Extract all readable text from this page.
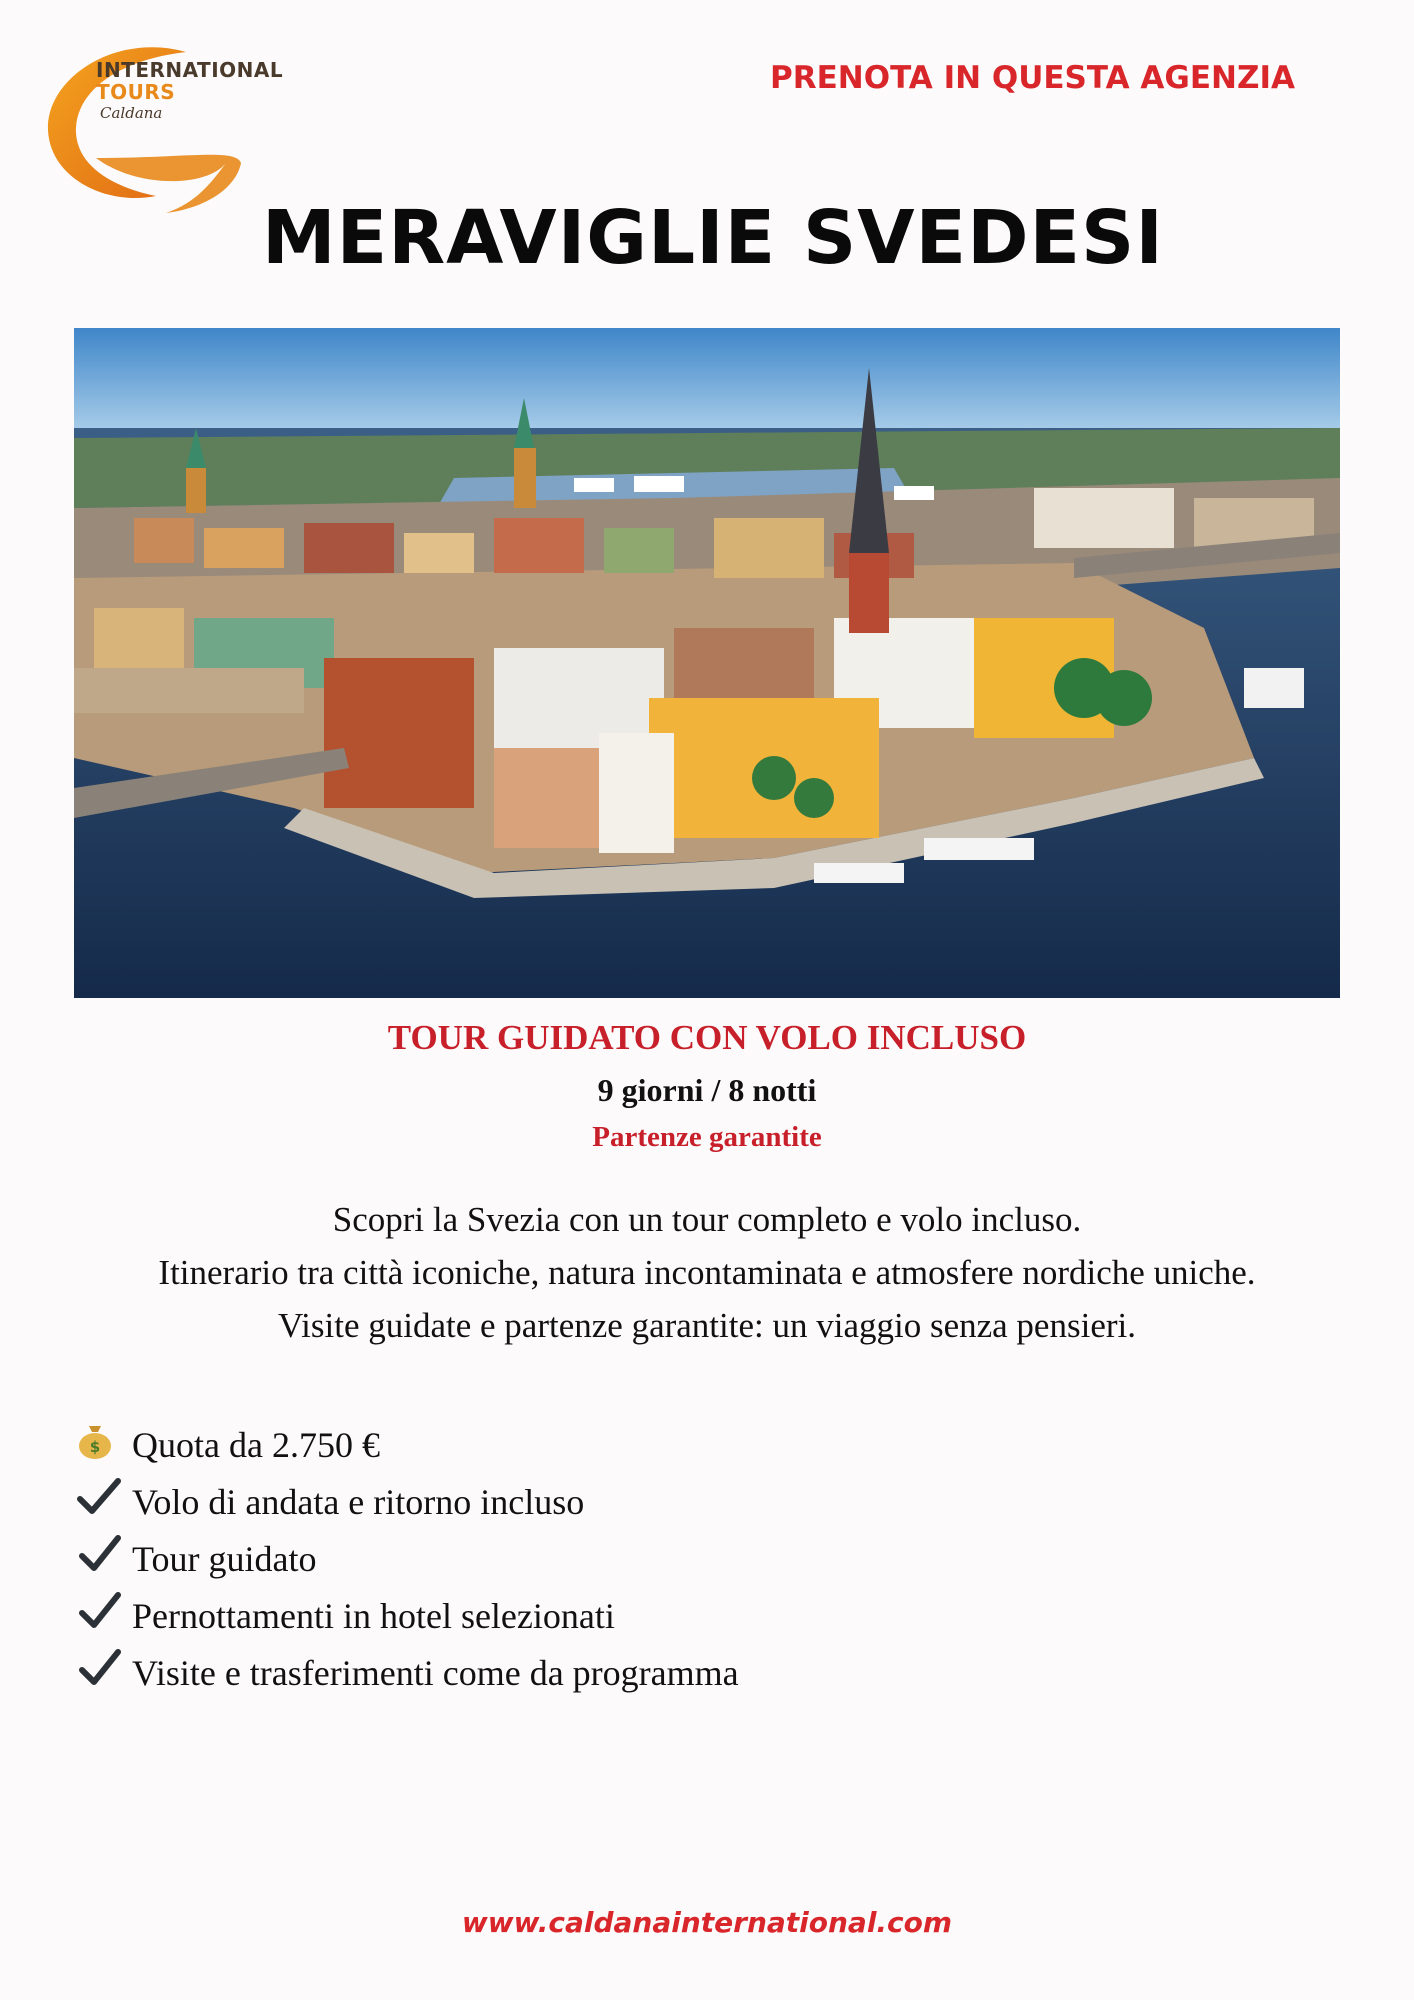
INTERNATIONAL
TOURS
Caldana
PRENOTA IN QUESTA AGENZIA
MERAVIGLIE SVEDESI
TOUR GUIDATO CON VOLO INCLUSO
9 giorni / 8 notti
Partenze garantite
Scopri la Svezia con un tour completo e volo incluso.
Itinerario tra città iconiche, natura incontaminata e atmosfere nordiche uniche.
Visite guidate e partenze garantite: un viaggio senza pensieri.
$ Quota da 2.750 €
Volo di andata e ritorno incluso
Tour guidato
Pernottamenti in hotel selezionati
Visite e trasferimenti come da programma
www.caldanainternational.com
